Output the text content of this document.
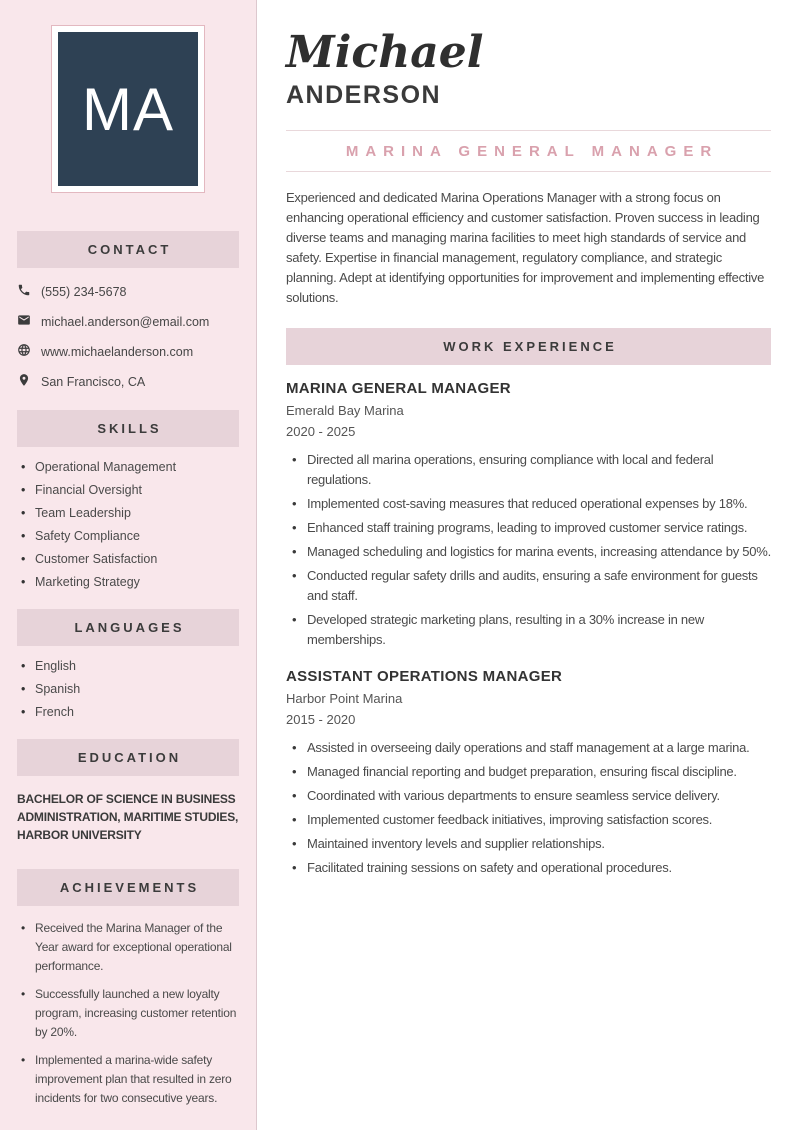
MA
CONTACT
(555) 234-5678
michael.anderson@email.com
www.michaelanderson.com
San Francisco, CA
SKILLS
• Operational Management
• Financial Oversight
• Team Leadership
• Safety Compliance
• Customer Satisfaction
• Marketing Strategy
LANGUAGES
• English
• Spanish
• French
EDUCATION
BACHELOR OF SCIENCE IN BUSINESS ADMINISTRATION, MARITIME STUDIES, HARBOR UNIVERSITY
ACHIEVEMENTS
• Received the Marina Manager of the Year award for exceptional operational performance.
• Successfully launched a new loyalty program, increasing customer retention by 20%.
• Implemented a marina-wide safety improvement plan that resulted in zero incidents for two consecutive years.
Michael
ANDERSON
MARINA GENERAL MANAGER

Experienced and dedicated Marina Operations Manager with a strong focus on enhancing operational efficiency and customer satisfaction. Proven success in leading diverse teams and managing marina facilities to meet high standards of service and safety. Expertise in financial management, regulatory compliance, and strategic planning. Adept at identifying opportunities for improvement and implementing effective solutions.

WORK EXPERIENCE
MARINA GENERAL MANAGER
Emerald Bay Marina
2020 - 2025
• Directed all marina operations, ensuring compliance with local and federal regulations.
• Implemented cost-saving measures that reduced operational expenses by 18%.
• Enhanced staff training programs, leading to improved customer service ratings.
• Managed scheduling and logistics for marina events, increasing attendance by 50%.
• Conducted regular safety drills and audits, ensuring a safe environment for guests and staff.
• Developed strategic marketing plans, resulting in a 30% increase in new memberships.
ASSISTANT OPERATIONS MANAGER
Harbor Point Marina
2015 - 2020
• Assisted in overseeing daily operations and staff management at a large marina.
• Managed financial reporting and budget preparation, ensuring fiscal discipline.
• Coordinated with various departments to ensure seamless service delivery.
• Implemented customer feedback initiatives, improving satisfaction scores.
• Maintained inventory levels and supplier relationships.
• Facilitated training sessions on safety and operational procedures.
